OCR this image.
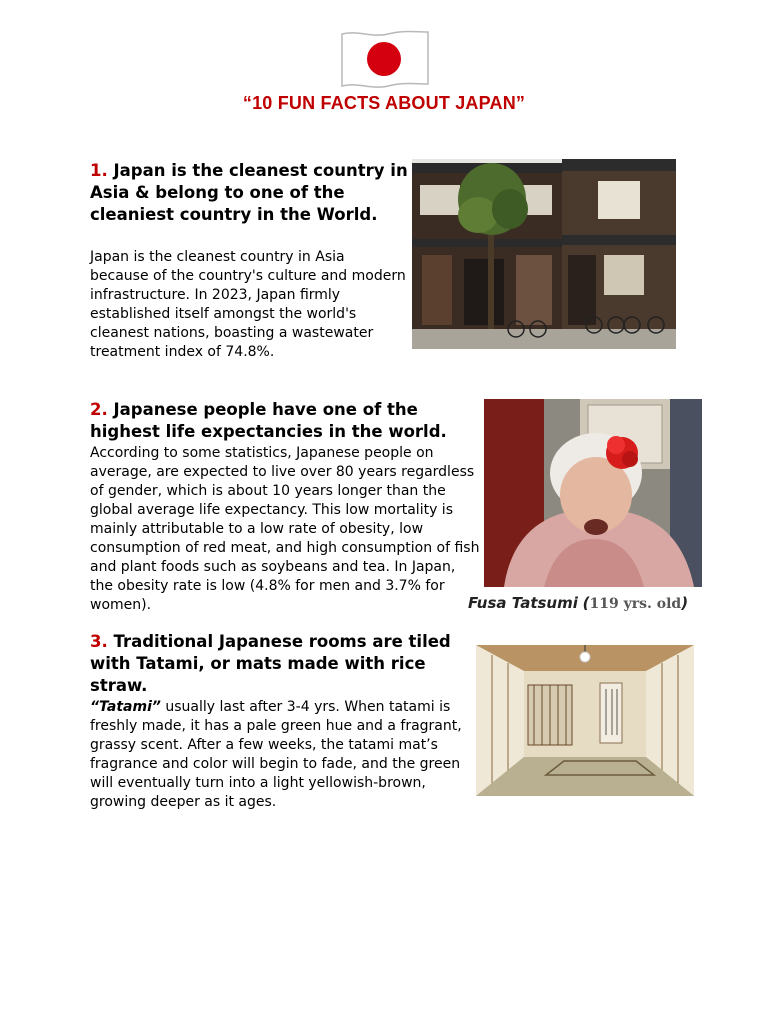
“10 FUN FACTS ABOUT JAPAN”
1. Japan is the cleanest country in Asia & belong to one of the cleaniest country in the World.
Japan is the cleanest country in Asia because of the country's culture and modern infrastructure. In 2023, Japan firmly established itself amongst the world's cleanest nations, boasting a wastewater treatment index of 74.8%.
2. Japanese people have one of the highest life expectancies in the world.
According to some statistics, Japanese people on average, are expected to live over 80 years regardless of gender, which is about 10 years longer than the global average life expectancy. This low mortality is mainly attributable to a low rate of obesity, low consumption of red meat, and high consumption of fish and plant foods such as soybeans and tea. In Japan, the obesity rate is low (4.8% for men and 3.7% for women).	Fusa Tatsumi (119 yrs. old)
3. Traditional Japanese rooms are tiled with Tatami, or mats made with rice straw.
“Tatami” usually last after 3-4 yrs. When tatami is freshly made, it has a pale green hue and a fragrant, grassy scent. After a few weeks, the tatami mat’s fragrance and color will begin to fade, and the green will eventually turn into a light yellowish-brown, growing deeper as it ages.
